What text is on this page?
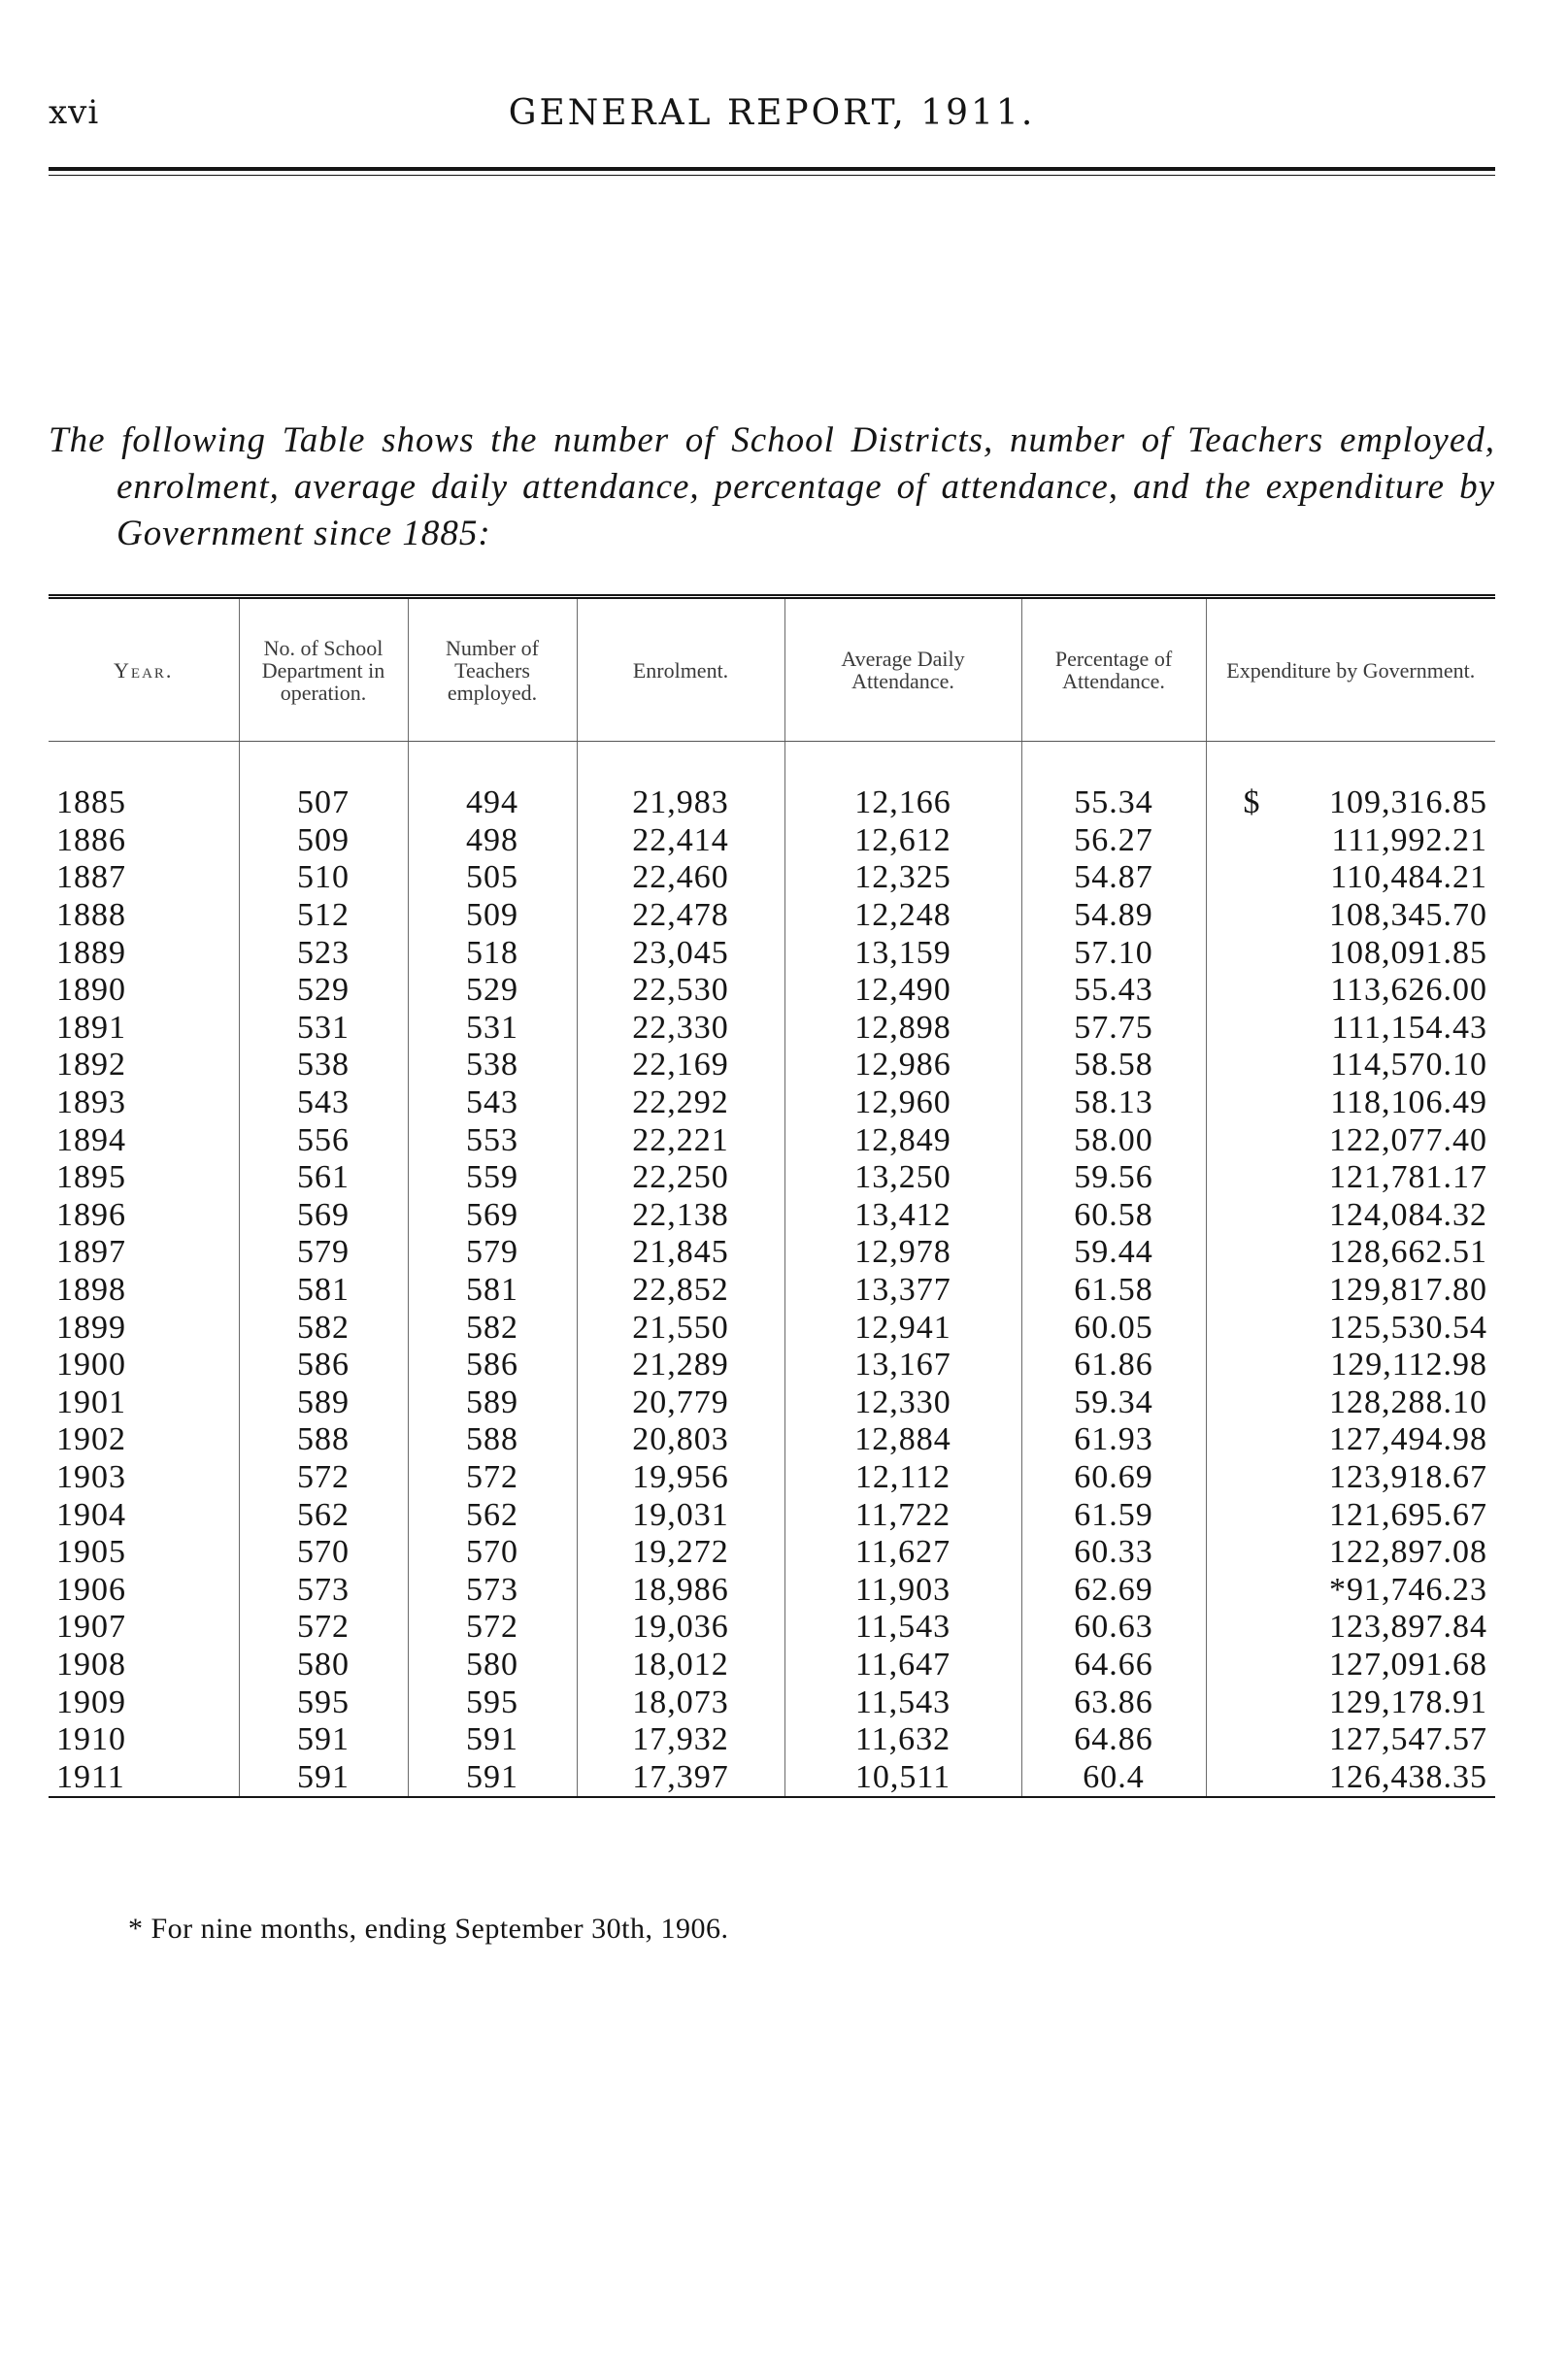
xvi	GENERAL REPORT, 1911.

The following Table shows the number of School Districts, number of Teachers employed, enrolment, average daily attendance, percentage of attendance, and the expenditure by Government since 1885:

Year.	No. of School Department in operation.	Number of Teachers employed.	Enrolment.	Average Daily Attendance.	Percentage of Attendance.	Expenditure by Government.
1885	507	494	21,983	12,166	55.34	$ 109,316.85
1886	509	498	22,414	12,612	56.27	111,992.21
1887	510	505	22,460	12,325	54.87	110,484.21
1888	512	509	22,478	12,248	54.89	108,345.70
1889	523	518	23,045	13,159	57.10	108,091.85
1890	529	529	22,530	12,490	55.43	113,626.00
1891	531	531	22,330	12,898	57.75	111,154.43
1892	538	538	22,169	12,986	58.58	114,570.10
1893	543	543	22,292	12,960	58.13	118,106.49
1894	556	553	22,221	12,849	58.00	122,077.40
1895	561	559	22,250	13,250	59.56	121,781.17
1896	569	569	22,138	13,412	60.58	124,084.32
1897	579	579	21,845	12,978	59.44	128,662.51
1898	581	581	22,852	13,377	61.58	129,817.80
1899	582	582	21,550	12,941	60.05	125,530.54
1900	586	586	21,289	13,167	61.86	129,112.98
1901	589	589	20,779	12,330	59.34	128,288.10
1902	588	588	20,803	12,884	61.93	127,494.98
1903	572	572	19,956	12,112	60.69	123,918.67
1904	562	562	19,031	11,722	61.59	121,695.67
1905	570	570	19,272	11,627	60.33	122,897.08
1906	573	573	18,986	11,903	62.69	*91,746.23
1907	572	572	19,036	11,543	60.63	123,897.84
1908	580	580	18,012	11,647	64.66	127,091.68
1909	595	595	18,073	11,543	63.86	129,178.91
1910	591	591	17,932	11,632	64.86	127,547.57
1911	591	591	17,397	10,511	60.4	126,438.35
* For nine months, ending September 30th, 1906.
